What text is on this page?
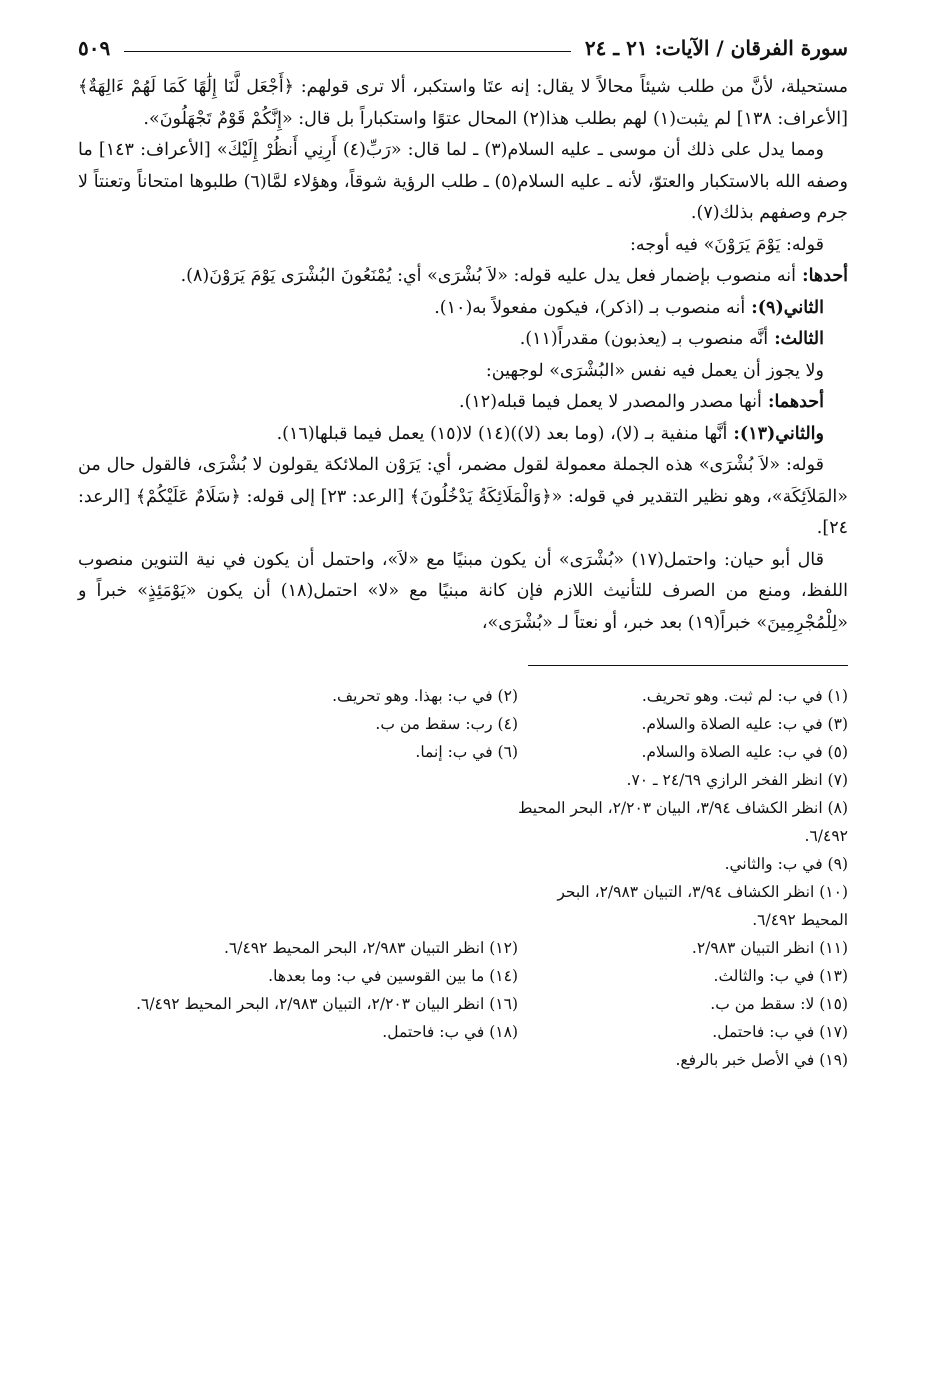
سورة الفرقان / الآيات: ٢١ ـ ٢٤
٥٠٩

مستحيلة، لأنَّ من طلب شيئاً محالاً لا يقال: إنه عتَا واستكبر، ألا ترى قولهم: ﴿أَجْعَل لَّنَا إِلَٰهًا كَمَا لَهُمْ ءَالِهَةٌ﴾ [الأعراف: ١٣٨] لم يثبت(١) لهم بطلب هذا(٢) المحال عتوًا واستكباراً بل قال: «إِنَّكُمْ قَوْمٌ تَجْهَلُونَ».

ومما يدل على ذلك أن موسى ـ عليه السلام(٣) ـ لما قال: «رَبِّ(٤) أَرِنِي أَنظُرْ إِلَيْكَ» [الأعراف: ١٤٣] ما وصفه الله بالاستكبار والعتوّ، لأنه ـ عليه السلام(٥) ـ طلب الرؤية شوقاً، وهؤلاء لمَّا(٦) طلبوها امتحاناً وتعنتاً لا جرم وصفهم بذلك(٧).

قوله: يَوْمَ يَرَوْنَ» فيه أوجه:

أحدها: أنه منصوب بإضمار فعل يدل عليه قوله: «لاَ بُشْرَى» أي: يُمْنَعُونَ البُشْرَى يَوْمَ يَرَوْنَ(٨).

الثاني(٩): أنه منصوب بـ (اذكر)، فيكون مفعولاً به(١٠).

الثالث: أنَّه منصوب بـ (يعذبون) مقدراً(١١).

ولا يجوز أن يعمل فيه نفس «البُشْرَى» لوجهين:

أحدهما: أنها مصدر والمصدر لا يعمل فيما قبله(١٢).

والثاني(١٣): أنَّها منفية بـ (لا)، (وما بعد (لا))(١٤) لا(١٥) يعمل فيما قبلها(١٦).

قوله: «لاَ بُشْرَى» هذه الجملة معمولة لقول مضمر، أي: يَرَوْن الملائكة يقولون لا بُشْرَى، فالقول حال من «المَلاَئِكَة»، وهو نظير التقدير في قوله: «﴿وَالْمَلَائِكَةُ يَدْخُلُونَ﴾ [الرعد: ٢٣] إلى قوله: ﴿سَلَامٌ عَلَيْكُمْ﴾ [الرعد: ٢٤].

قال أبو حيان: واحتمل(١٧) «بُشْرَى» أن يكون مبنيًا مع «لاَ»، واحتمل أن يكون في نية التنوين منصوب اللفظ، ومنع من الصرف للتأنيث اللازم فإن كانة مبنيًا مع «لا» احتمل(١٨) أن يكون «يَوْمَئِذٍ» خبراً و «لِلْمُجْرِمِينَ» خبراً(١٩) بعد خبر، أو نعتاً لـ «بُشْرَى»،

(١) في ب: لم ثبت. وهو تحريف.
(٢) في ب: بهذا. وهو تحريف.
(٣) في ب: عليه الصلاة والسلام.
(٤) رب: سقط من ب.
(٥) في ب: عليه الصلاة والسلام.
(٦) في ب: إنما.
(٧) انظر الفخر الرازي ٢٤/٦٩ ـ ٧٠.
(٨) انظر الكشاف ٣/٩٤، البيان ٢/٢٠٣، البحر المحيط ٦/٤٩٢.
(٩) في ب: والثاني.
(١٠) انظر الكشاف ٣/٩٤، التبيان ٢/٩٨٣، البحر المحيط ٦/٤٩٢.
(١١) انظر التبيان ٢/٩٨٣.
(١٢) انظر التبيان ٢/٩٨٣، البحر المحيط ٦/٤٩٢.
(١٣) في ب: والثالث.
(١٤) ما بين القوسين في ب: وما بعدها.
(١٥) لا: سقط من ب.
(١٦) انظر البيان ٢/٢٠٣، التبيان ٢/٩٨٣، البحر المحيط ٦/٤٩٢.
(١٧) في ب: فاحتمل.
(١٨) في ب: فاحتمل.
(١٩) في الأصل خبر بالرفع.
